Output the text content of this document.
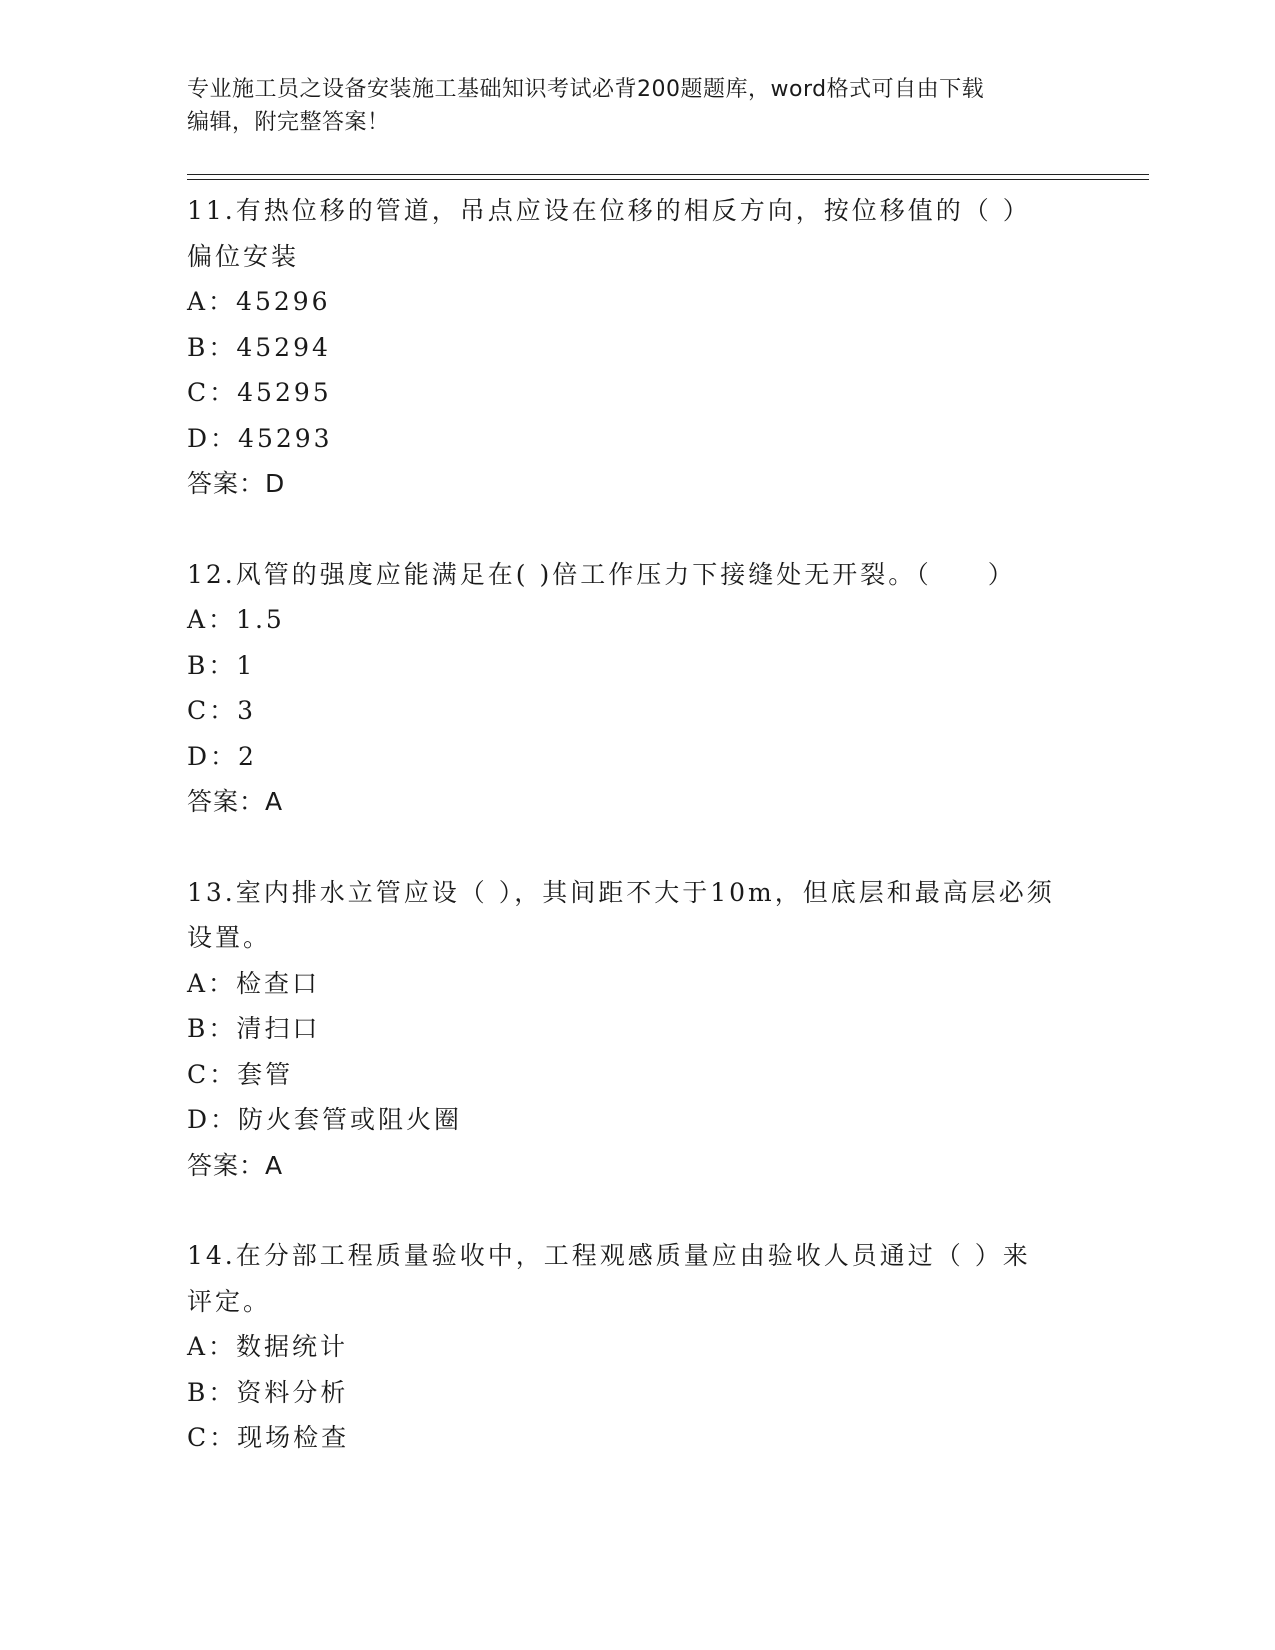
专业施工员之设备安装施工基础知识考试必背200题题库，word格式可自由下载
编辑，附完整答案！
11.有热位移的管道，吊点应设在位移的相反方向，按位移值的（ ）
偏位安装
A：45296
B：45294
C：45295
D：45293
答案：D
12.风管的强度应能满足在( )倍工作压力下接缝处无开裂。（　　）
A：1.5
B：1
C：3
D：2
答案：A
13.室内排水立管应设（ ），其间距不大于10m，但底层和最高层必须
设置。
A：检查口
B：清扫口
C：套管
D：防火套管或阻火圈
答案：A
14.在分部工程质量验收中，工程观感质量应由验收人员通过（ ）来
评定。
A：数据统计
B：资料分析
C：现场检查
